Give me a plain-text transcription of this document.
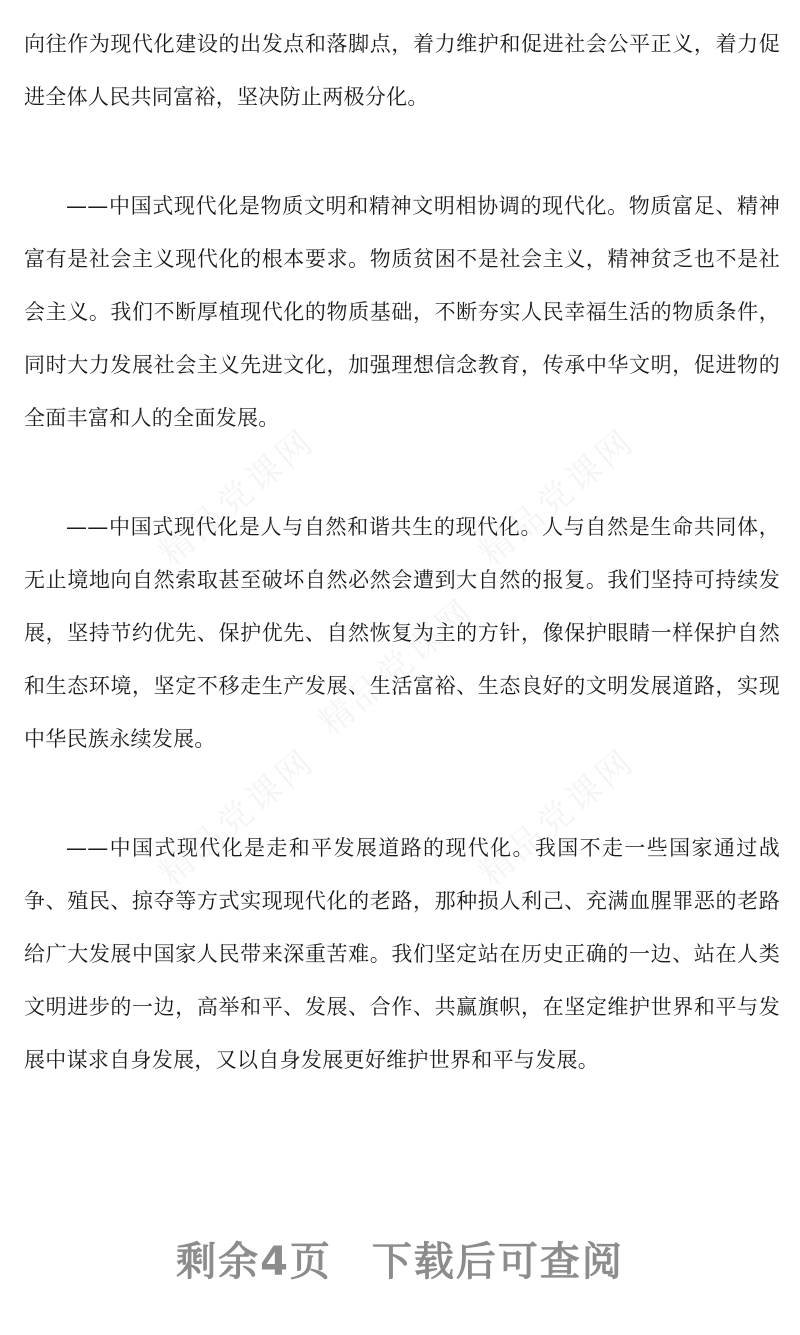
精品党课网	精品党课网
精品党课网
精品党课网	精品党课网

向往作为现代化建设的出发点和落脚点，着力维护和促进社会公平正义，着力促进全体人民共同富裕，坚决防止两极分化。

——中国式现代化是物质文明和精神文明相协调的现代化。物质富足、精神富有是社会主义现代化的根本要求。物质贫困不是社会主义，精神贫乏也不是社会主义。我们不断厚植现代化的物质基础，不断夯实人民幸福生活的物质条件，同时大力发展社会主义先进文化，加强理想信念教育，传承中华文明，促进物的全面丰富和人的全面发展。

——中国式现代化是人与自然和谐共生的现代化。人与自然是生命共同体，无止境地向自然索取甚至破坏自然必然会遭到大自然的报复。我们坚持可持续发展，坚持节约优先、保护优先、自然恢复为主的方针，像保护眼睛一样保护自然和生态环境，坚定不移走生产发展、生活富裕、生态良好的文明发展道路，实现中华民族永续发展。

——中国式现代化是走和平发展道路的现代化。我国不走一些国家通过战争、殖民、掠夺等方式实现现代化的老路，那种损人利己、充满血腥罪恶的老路给广大发展中国家人民带来深重苦难。我们坚定站在历史正确的一边、站在人类文明进步的一边，高举和平、发展、合作、共赢旗帜，在坚定维护世界和平与发展中谋求自身发展，又以自身发展更好维护世界和平与发展。

剩余4页 下载后可查阅
